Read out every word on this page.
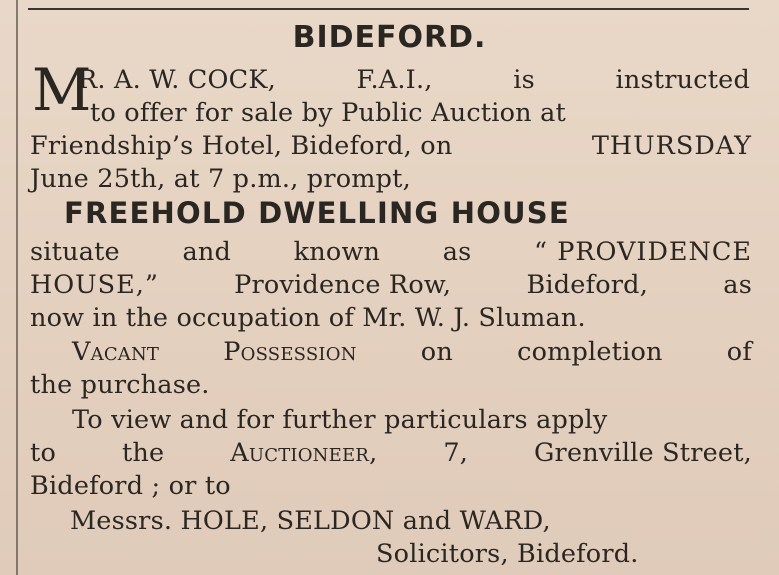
BIDEFORD.
M
R. A. W. COCK,	F.A.I.,	is	instructed
to offer for sale by Public Auction at
Friendship’s Hotel, Bideford, on	THURSDAY
June 25th, at 7 p.m., prompt,
FREEHOLD DWELLING HOUSE
situate and known as “ PROVIDENCE
HOUSE,”	Providence Row,	Bideford,	as
now in the occupation of Mr. W. J. Sluman.
Vacant	Possession	on	completion	of
the purchase.
To view and for further particulars apply
to	the	Auctioneer,	7,	Grenville Street,
Bideford ; or to
Messrs. HOLE, SELDON and WARD,
Solicitors, Bideford.
